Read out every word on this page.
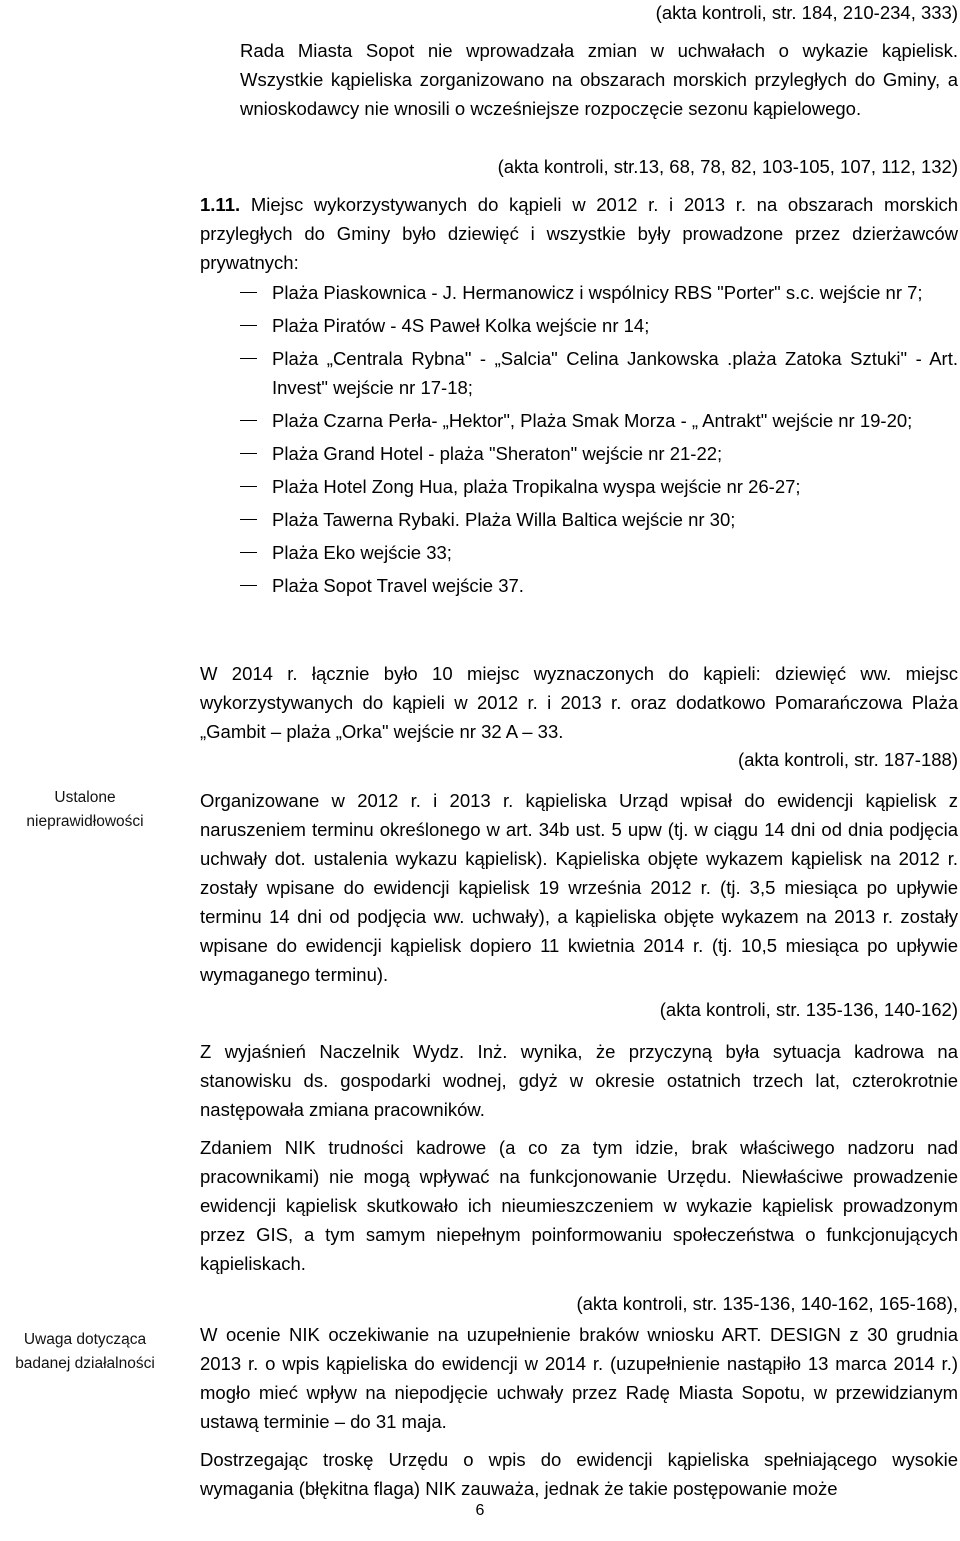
(akta kontroli, str. 184, 210-234, 333)
Rada Miasta Sopot nie wprowadzała zmian w uchwałach o wykazie kąpielisk. Wszystkie kąpieliska zorganizowano na obszarach morskich przyległych do Gminy, a wnioskodawcy nie wnosili o wcześniejsze rozpoczęcie sezonu kąpielowego.
(akta kontroli, str.13, 68, 78, 82, 103-105, 107, 112, 132)
1.11. Miejsc wykorzystywanych do kąpieli w 2012 r. i 2013 r. na obszarach morskich przyległych do Gminy było dziewięć i wszystkie były prowadzone przez dzierżawców prywatnych:
Plaża Piaskownica - J. Hermanowicz i wspólnicy RBS "Porter" s.c. wejście nr 7;
Plaża Piratów - 4S Paweł Kolka wejście nr 14;
Plaża „Centrala Rybna" - „Salcia" Celina Jankowska .plaża Zatoka Sztuki" - Art. Invest" wejście nr 17-18;
Plaża Czarna Perła- „Hektor", Plaża Smak Morza - „ Antrakt" wejście nr 19-20;
Plaża Grand Hotel - plaża "Sheraton" wejście nr 21-22;
Plaża Hotel Zong Hua, plaża Tropikalna wyspa wejście nr 26-27;
Plaża Tawerna Rybaki. Plaża Willa Baltica wejście nr 30;
Plaża Eko wejście 33;
Plaża Sopot Travel wejście 37.
W 2014 r. łącznie było 10 miejsc wyznaczonych do kąpieli: dziewięć ww. miejsc wykorzystywanych do kąpieli w 2012 r. i 2013 r. oraz dodatkowo Pomarańczowa Plaża „Gambit – plaża „Orka" wejście nr 32 A – 33.
(akta kontroli, str. 187-188)
Ustalone nieprawidłowości
Organizowane w 2012 r. i 2013 r. kąpieliska Urząd wpisał do ewidencji kąpielisk z naruszeniem terminu określonego w art. 34b ust. 5 upw (tj. w ciągu 14 dni od dnia podjęcia uchwały dot. ustalenia wykazu kąpielisk). Kąpieliska objęte wykazem kąpielisk na 2012 r. zostały wpisane do ewidencji kąpielisk 19 września 2012 r. (tj. 3,5 miesiąca po upływie terminu 14 dni od podjęcia ww. uchwały), a kąpieliska objęte wykazem na 2013 r. zostały wpisane do ewidencji kąpielisk dopiero 11 kwietnia 2014 r. (tj. 10,5 miesiąca po upływie wymaganego terminu).
(akta kontroli, str. 135-136, 140-162)
Z wyjaśnień Naczelnik Wydz. Inż. wynika, że przyczyną była sytuacja kadrowa na stanowisku ds. gospodarki wodnej, gdyż w okresie ostatnich trzech lat, czterokrotnie następowała zmiana pracowników.
Zdaniem NIK trudności kadrowe (a co za tym idzie, brak właściwego nadzoru nad pracownikami) nie mogą wpływać na funkcjonowanie Urzędu. Niewłaściwe prowadzenie ewidencji kąpielisk skutkowało ich nieumieszczeniem w wykazie kąpielisk prowadzonym przez GIS, a tym samym niepełnym poinformowaniu społeczeństwa o funkcjonujących kąpieliskach.
(akta kontroli, str. 135-136, 140-162, 165-168),
Uwaga dotycząca badanej działalności
W ocenie NIK oczekiwanie na uzupełnienie braków wniosku ART. DESIGN z 30 grudnia 2013 r. o wpis kąpieliska do ewidencji w 2014 r. (uzupełnienie nastąpiło 13 marca 2014 r.) mogło mieć wpływ na niepodjęcie uchwały przez Radę Miasta Sopotu, w przewidzianym ustawą terminie – do 31 maja.
Dostrzegając troskę Urzędu o wpis do ewidencji kąpieliska spełniającego wysokie wymagania (błękitna flaga) NIK zauważa, jednak że takie postępowanie może
6
